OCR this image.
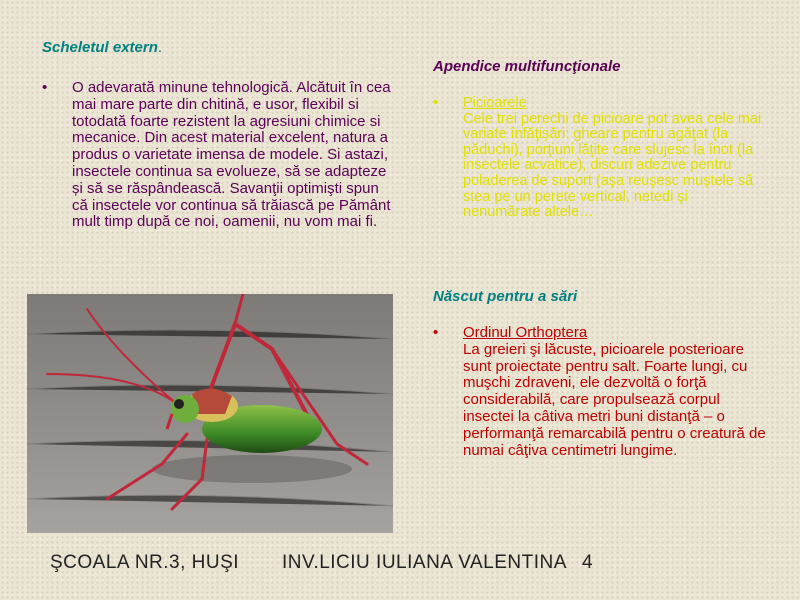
Scheletul extern.
• O adevarată minune tehnologică. Alcătuit în cea mai mare parte din chitină, e usor, flexibil si totodată foarte rezistent la agresiuni chimice si mecanice. Din acest material excelent, natura a produs o varietate imensa de modele. Si astazi, insectele continua sa evolueze, să se adapteze și să se răspândească. Savanţii optimişti spun că insectele vor continua să trăiască pe Pământ mult timp după ce noi, oamenii, nu vom mai fi.
Apendice multifuncţionale
• Picioarele
Cele trei perechi de picioare pot avea cele mai variate înfăţişări: gheare pentru agăţat (la păduchi), porţiuni lăţite care slujesc la înot (la insectele acvatice), discuri adezive pentru poladerea de suport (aşa reuşesc muştele să stea pe un perete vertical, netedi şi nenumărate altele…
Născut pentru a sări
• Ordinul Orthoptera
La greieri şi lăcuste, picioarele posterioare sunt proiectate pentru salt. Foarte lungi, cu muşchi zdraveni, ele dezvoltă o forţă considerabilă, care propulsează corpul insectei la câtiva metri buni distanţă – o performanţă remarcabilă pentru o creatură de numai câţiva centimetri lungime.
ŞCOALA NR.3, HUŞI INV.LICIU IULIANA VALENTINA 4
